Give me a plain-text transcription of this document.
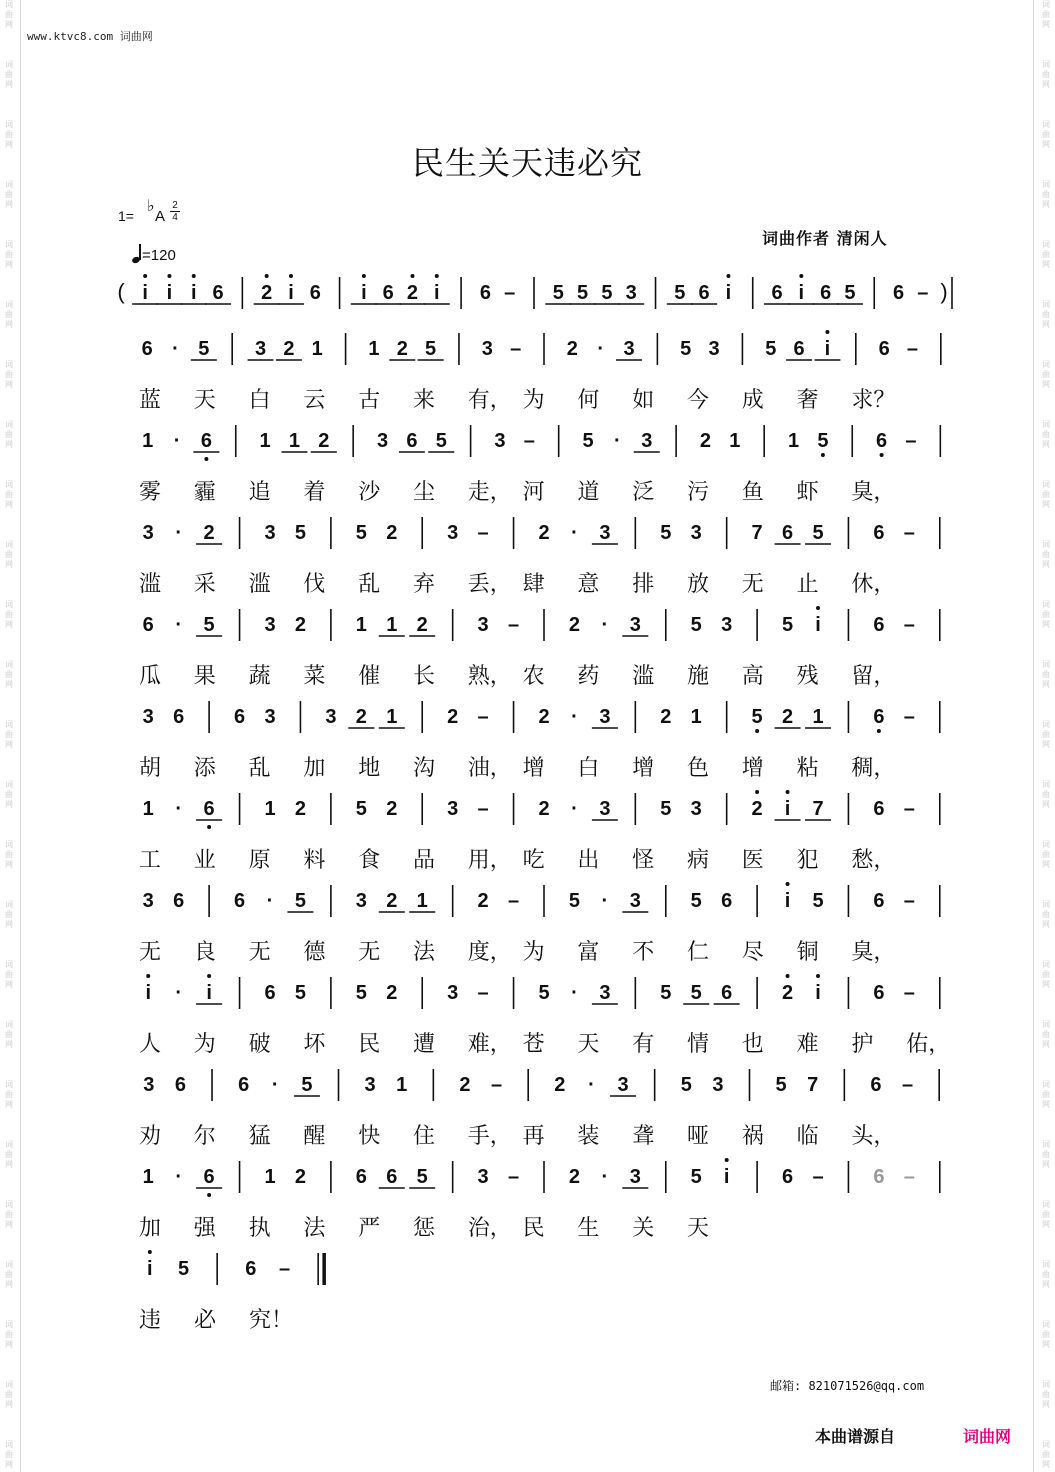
词
曲
网
词
曲
网
词
曲
网
词
曲
网
词
曲
网
词
曲
网
词
曲
网
词
曲
网
词
曲
网
词
曲
网
词
曲
网
词
曲
网
词
曲
网
词
曲
网
词
曲
网
词
曲
网
词
曲
网
词
曲
网
词
曲
网
词
曲
网
词
曲
网
词
曲
网
词
曲
网
词
曲
网
词
曲
网
词
曲
网
词
曲
网
词
曲
网
词
曲
网
词
曲
网
词
曲
网
词
曲
网
词
曲
网
词
曲
网
词
曲
网
词
曲
网
词
曲
网
词
曲
网
词
曲
网
词
曲
网
词
曲
网
词
曲
网
词
曲
网
词
曲
网
词
曲
网
词
曲
网
词
曲
网
词
曲
网
词
曲
网
词
曲
网
www.ktvc8.com 词曲网
民生关天违必究
1=
♭
A
2
4
=120
词曲作者 清闲人
(	)
i i i 6 2 i 6 i 6 2 i 6 – 5 5 5 3 5 6 i 6 i 6 5 6 –
6 · 5 3 2 1 1 2 5 3 – 2 · 3 5 3 5 6 i 6 –
蓝 天 白 云 古 来 有， 为 何 如 今 成 奢 求？
1 · 6 1 1 2 3 6 5 3 – 5 · 3 2 1 1 5 6 –
雾 霾 追 着 沙 尘 走， 河 道 泛 污 鱼 虾 臭，
3 · 2 3 5 5 2 3 – 2 · 3 5 3 7 6 5 6 –
滥 采 滥 伐 乱 弃 丢， 肆 意 排 放 无 止 休，
6 · 5 3 2 1 1 2 3 – 2 · 3 5 3 5 i	6 –
瓜 果 蔬 菜 催 长 熟， 农 药 滥 施 高 残 留，
3 6 6 3 3 2 1 2 – 2 · 3 2 1 5 2 1 6 –
胡 添 乱 加 地 沟 油， 增 白 增 色 增 粘 稠，
1 · 6 1 2 5 2 3 – 2 · 3 5 3 2 i 7 6 –
工 业 原 料 食 品 用， 吃 出 怪 病 医 犯 愁，
3 6 6 · 5 3 2 1 2 – 5 · 3 5 6	i 5 6 –
无 良 无 德 无 法 度， 为 富 不 仁 尽 铜 臭，
i · i	6 5 5 2 3 – 5 · 3 5 5 6 2 i	6 –
人 为 破 坏 民 遭 难， 苍 天 有 情 也 难 护 佑，
3 6	6 · 5	3 1	2 –	2 · 3	5 3	5 7	6 –
劝 尔 猛 醒 快 住 手， 再 装 聋 哑 祸 临 头，
1 · 6 1 2 6 6 5 3 – 2 · 3 5 i	6 – 6 –
加 强 执 法 严 惩 治， 民 生 关 天
i 5	6 –
违 必 究！
邮箱: 821071526@qq.com
本曲谱源自	词曲网
